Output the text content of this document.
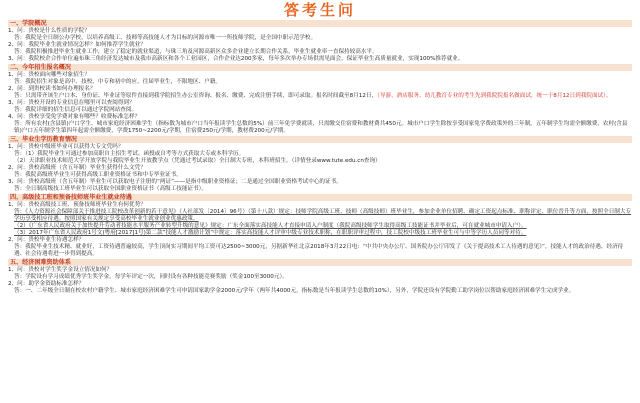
答考生问
一、学院概况
1、问：贵校是什么性质的学院？
答：我院是全日制公办学校，以培养高级工、技师等高技能人才为目标的河源市唯一一所技师学院，是全国中职示范学校。
2、问：我院毕业生就业情况怎样？如何推荐学生就业？
答：我院积极推进毕业生就业工作，建立了稳定的就业渠道，与珠三角及河源高新区众多企业建立长期合作关系，毕业生就业率一直保持较高水平。
3、问：我院校企合作单位遍布珠三角经济发达城市及我市高新区和各个工业园区，合作企业达200多家，每年多次举办专场供需见面会，保证毕业生高质量就业，实现100%推荐就业。
二、今年招生报名概况
1、问：贵校面向哪些对象招生？
答：我院招生对象是高中、技校、中专和初中的应、往届毕业生，不限地区、户籍。
2、问：到贵校读书如何办理报名？
答：只需带齐该生户口本、身份证、毕业证等原件直接到我学院招生办公室咨询、报名、缴费、完成注册手续，即可录取。报名时间截至8月12日，（导游、酒店服务、幼儿教育专业的考生先到我院院报名做面试，统一于8月12日到我院面试）。
3、问：贵校开设的专业信息在哪里可以查阅得到？
答：我院详细的招生信息可以通过学院网站查阅。
4、问：贵校享受免学费对象有哪些？收费标准怎样？
答：所有农村(含县镇)户口学生、城市家庭经济困难学生（指标数为城市户口当年报读学生总数的5%）前三年免学费就读，只需缴交住宿费和教材费共450元。城市户口学生除按享受国家免学费政策外的三年制，五年制学生均需全额缴费，农村(含县镇)户口五年制学生第四年起需全额缴费，学费1750~2200元/学期，住宿费250元/学期，教材费200元/学期。
三、毕业生学历教育情况
1、问：贵校中级班毕业可以获得大专文凭吗？
答：（1）我院毕业生可通过参加高职自主招生考试、函授或自考等方式获取大专或本科学历。
（2）天津职业技术师范大学开放学院与我院毕业生开放教学点（凭通过考试录取）全日制大专班，本科班招生。（详情登录www.tute.edu.cn查询）
2、问：贵校高级班（含五年制）毕业生获得什么文凭？
答：我院高级班毕业生可获得高级工职业资格证书和中专毕业证书。
3、问：贵校高级班（含五年制）毕业生可以获取电子注册的“两证”——是指中级职业资格证；二是通过全国职业资格考试中心的证书。
答：全日制高级技工班毕业生可以获取全国职业资格证书（高级工技能证书）。
四、高级技工班和预备技师班毕业生就业待遇
1、问：贵校高级技工班、预备技师班毕业生有何优势？
答：《人力资源社会保障部关于推进技工院校改革创新的若干意见》（人社部发〔2014〕96号）（第十八款）规定：技师学院高级工班、技师（高级技师）班毕业生，参加企业单位招聘、确定工资起点标准、职称评定、职位晋升等方面，按照全日制大专学历享受相应待遇。按照国家有关规定享受高校毕业生就业创业优惠政策。
（2）《广东省人民政府关于加快提升劳动者技能水平服务产业转型升级的意见》规定：广东全面落实高技能人才直接申请入户制度（我院高级技师学生取得高级工技能证书并毕业后，可在就业城市申请入户）。
（3）2017年广东省人民政府1号文(粤府[2017]1号)第二款“技能人才激励计划”中规定：落实高技能人才评审中级专业技术职称，在职职评审过程中，技工院校中级技工班毕业生可与中等学历人员同等对待。
2、问：贵校毕业生待遇怎样？
答：我院毕业生技术精、就业好，工资待遇普遍较高，学生顶岗实习期间平均工资可达2500~3000元，另据新华社北京2018年3月22日电：“中共中央办公厅、国务院办公厅印发了《关于提高技术工人待遇的意见》”，技能人才的政治待遇、经济待遇、社会待遇将进一步得到提高。
五、经济困难资助体系
1、问：贵校对学生奖学金设立情况如何？
答：学院设有学习成绩优秀学生奖学金，每学年评定一次，同时设有各种技能竞赛奖励（奖金100至3000元）。
2、问：助学金资助标准怎样？
答：一、二年级全日制在校农村户籍学生、城市家庭经济困难学生可申请国家助学金2000元/学年（两年共4000元，指标数是当年报读学生总数的10%），另外，学院还设有学院勤工助学岗位以帮助家庭经济困难学生完成学业。
